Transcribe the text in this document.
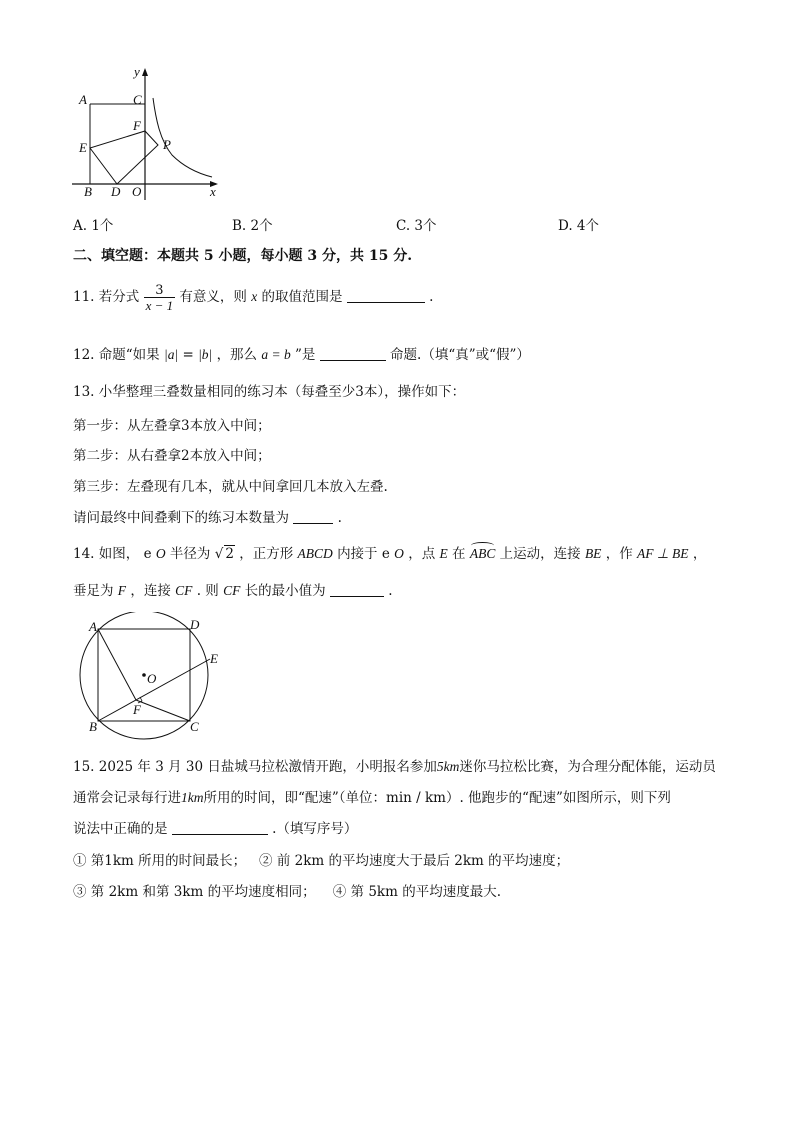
y
x
A	C
F
E	P
B D O
A. 1个	B. 2个	C. 3个	D. 4个
二、填空题：本题共 5 小题，每小题 3 分，共 15 分.
11. 若分式 $\frac{3}{x - 1}$ 有意义，则 x 的取值范围是	.
12. 命题“如果 |a| = |b| ，那么 a = b ”是	命题.（填“真”或“假”）
13. 小华整理三叠数量相同的练习本（每叠至少3本），操作如下：
第一步：从左叠拿3本放入中间；
第二步：从右叠拿2本放入中间；
第三步：左叠现有几本，就从中间拿回几本放入左叠.
请问最终中间叠剩下的练习本数量为	.
14. 如图， e O 半径为 √ 2 ，正方形 ABCD 内接于 e O ，点 E 在 ABC 上运动，连接 BE ，作 AF ⊥ BE ，
垂足为 F ，连接 CF . 则 CF 长的最小值为	.
A	D
E
O
B
F
C
15. 2025 年 3 月 30 日盐城马拉松激情开跑，小明报名参加5km迷你马拉松比赛，为合理分配体能，运动员
通常会记录每行进1km所用的时间，即“配速”（单位：min / km）. 他跑步的“配速”如图所示，则下列
说法中正确的是	.（填写序号）
① 第1km 所用的时间最长；   ② 前 2km 的平均速度大于最后 2km 的平均速度；
③ 第 2km 和第 3km 的平均速度相同；    ④ 第 5km 的平均速度最大.
